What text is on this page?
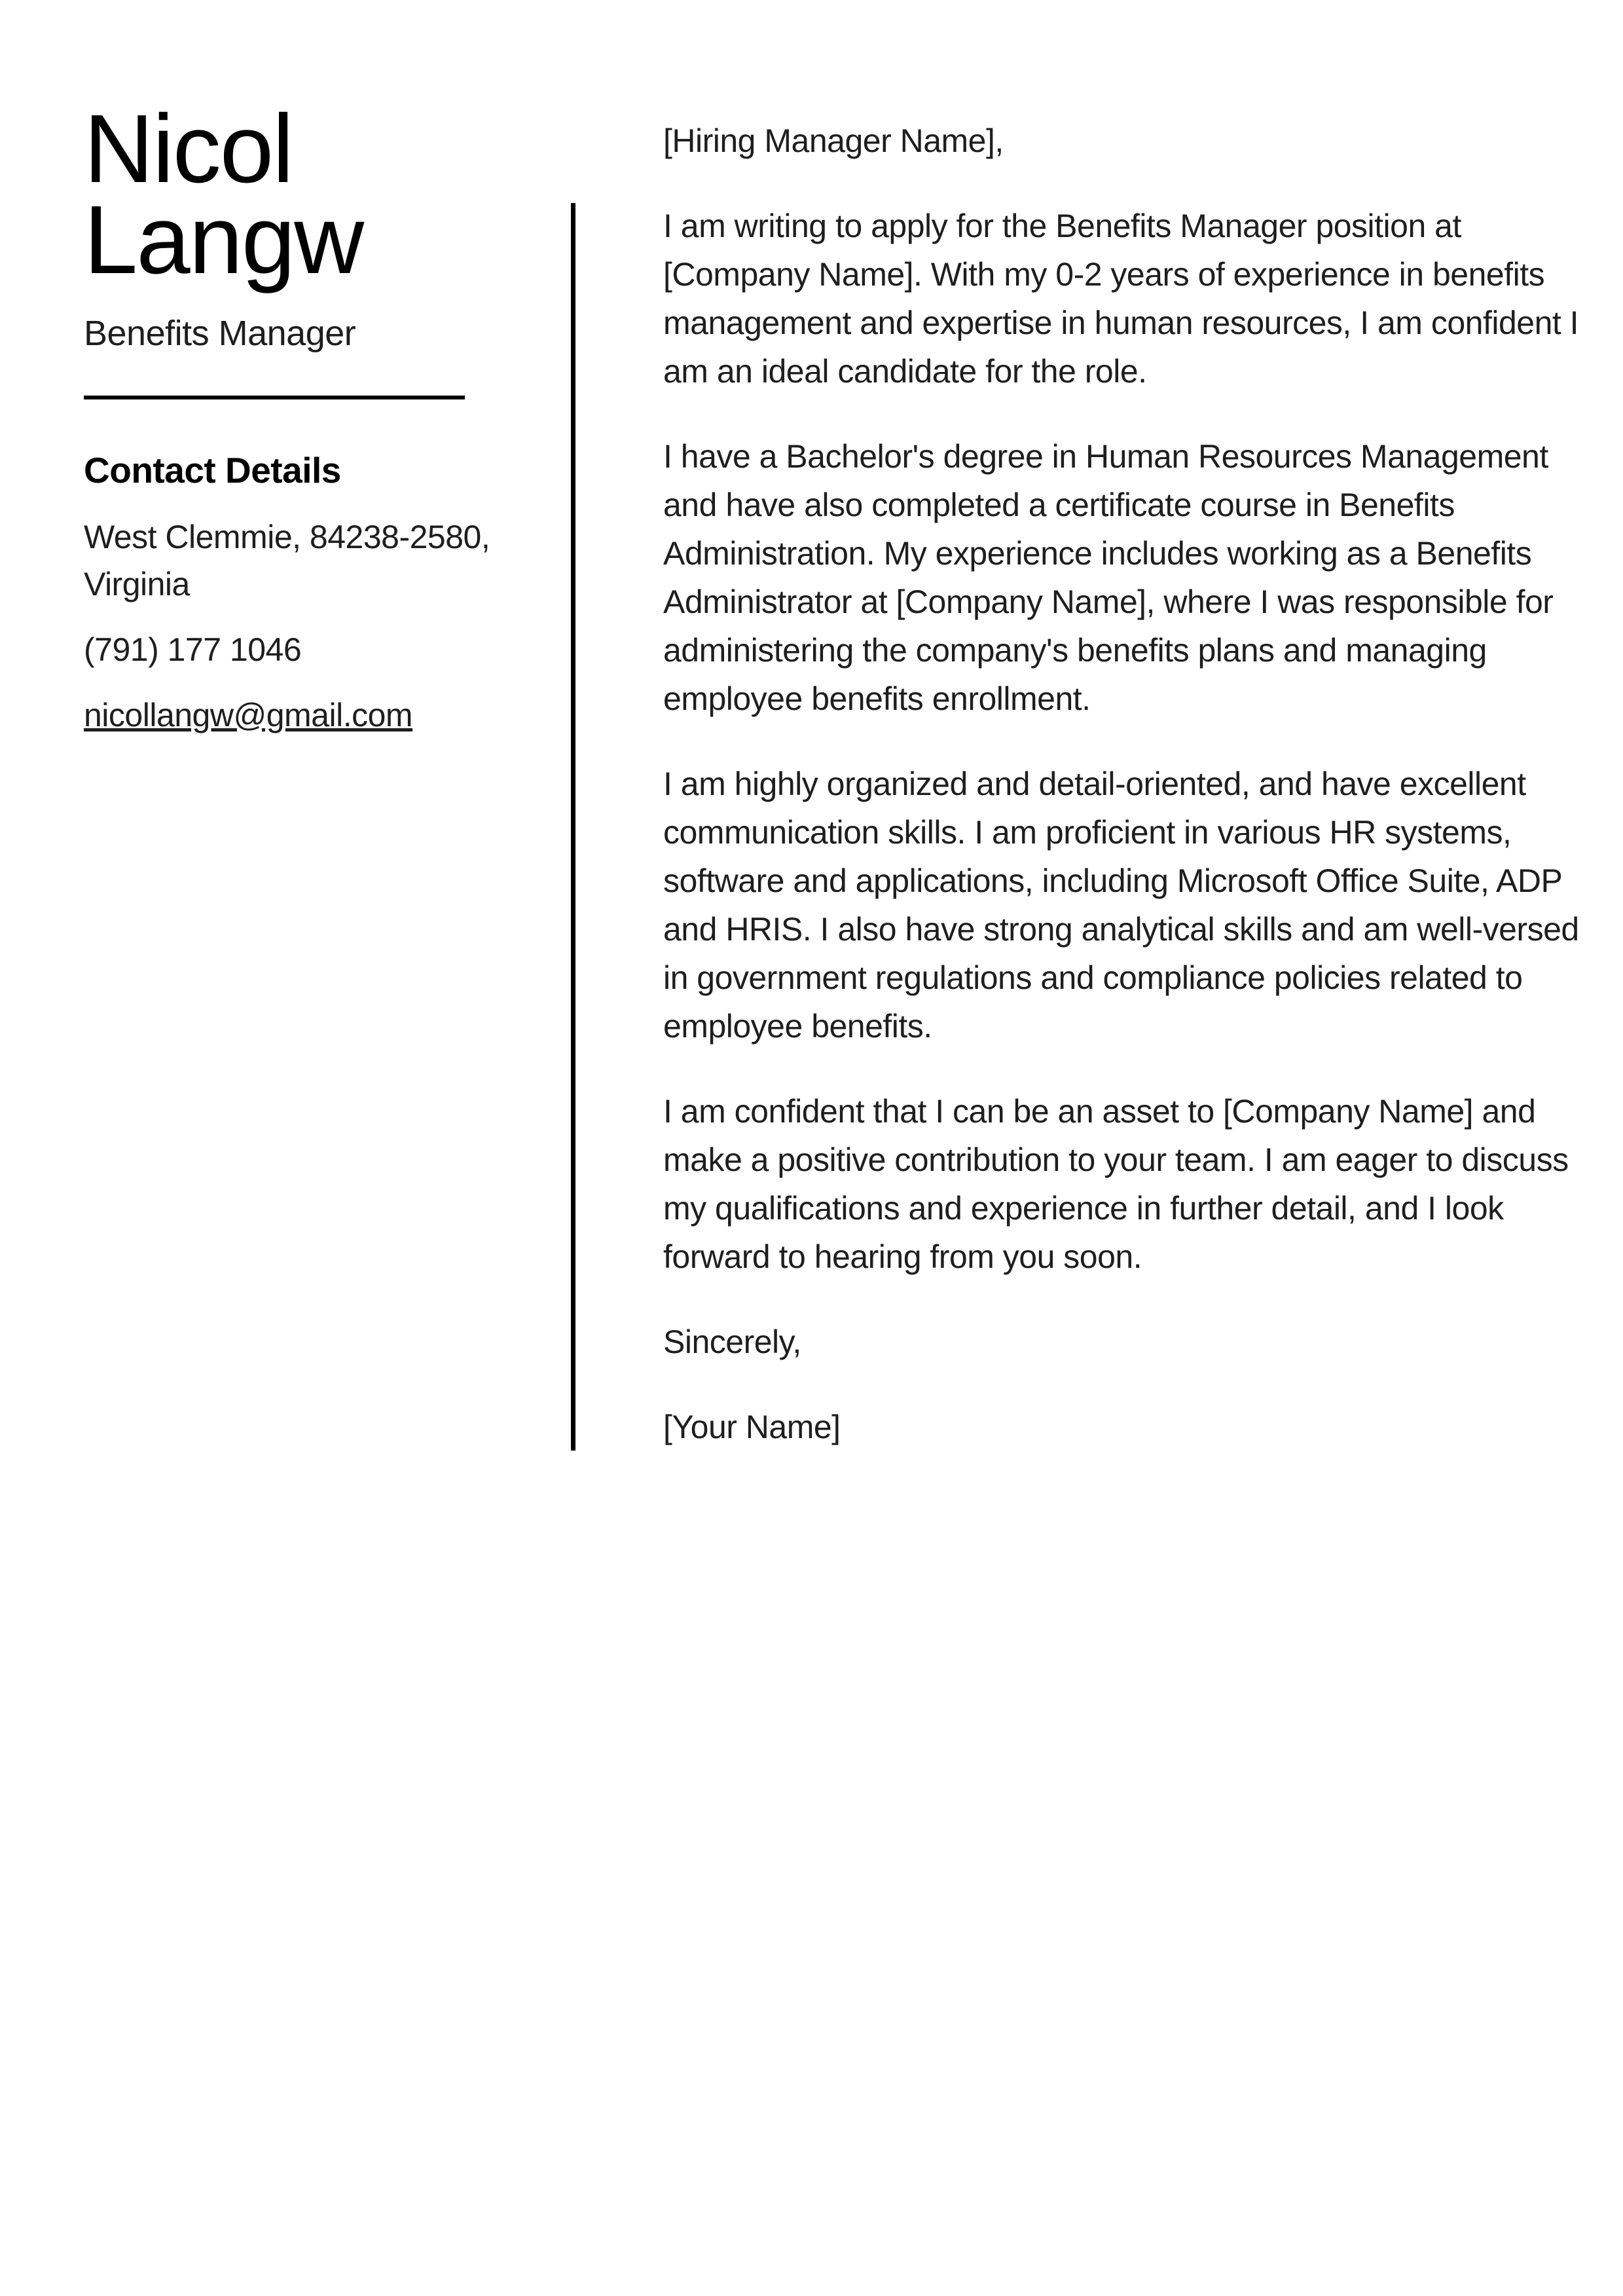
Nicol
Langw
Benefits Manager
Contact Details
West Clemmie, 84238-2580, Virginia
(791) 177 1046
nicollangw@gmail.com

[Hiring Manager Name],

I am writing to apply for the Benefits Manager position at [Company Name]. With my 0-2 years of experience in benefits management and expertise in human resources, I am confident I am an ideal candidate for the role.

I have a Bachelor's degree in Human Resources Management and have also completed a certificate course in Benefits Administration. My experience includes working as a Benefits Administrator at [Company Name], where I was responsible for administering the company's benefits plans and managing employee benefits enrollment.

I am highly organized and detail-oriented, and have excellent communication skills. I am proficient in various HR systems, software and applications, including Microsoft Office Suite, ADP and HRIS. I also have strong analytical skills and am well-versed in government regulations and compliance policies related to employee benefits.

I am confident that I can be an asset to [Company Name] and make a positive contribution to your team. I am eager to discuss my qualifications and experience in further detail, and I look forward to hearing from you soon.

Sincerely,

[Your Name]
